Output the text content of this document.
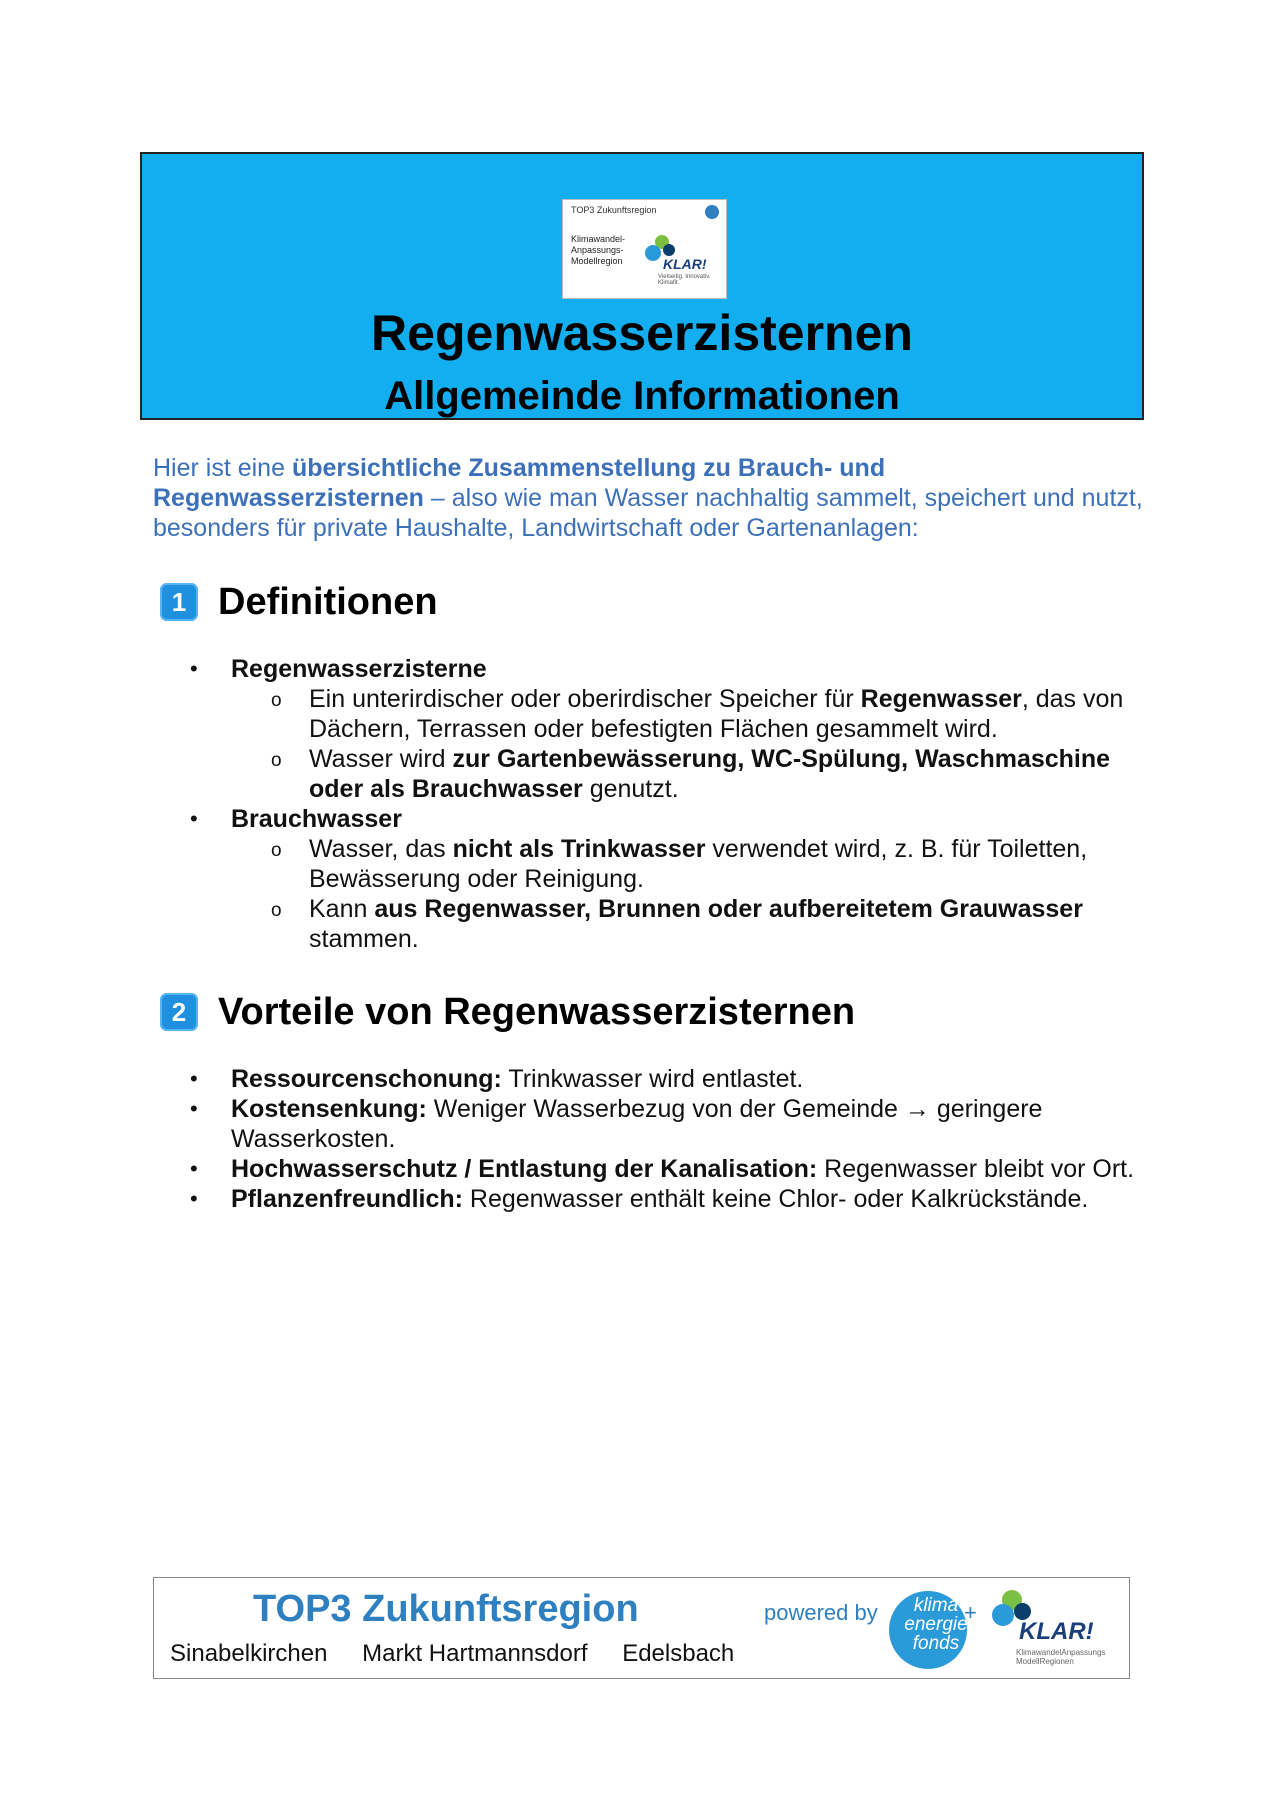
TOP3 Zukunftsregion
Klimawandel-
Anpassungs-
Modellregion	KLAR!
Vielseitig. Innovativ. Klimafit.
Regenwasserzisternen
Allgemeinde Informationen
Hier ist eine übersichtliche Zusammenstellung zu Brauch- und Regenwasserzisternen – also wie man Wasser nachhaltig sammelt, speichert und nutzt, besonders für private Haushalte, Landwirtschaft oder Gartenanlagen:
1 Definitionen
• Regenwasserzisterne
o Ein unterirdischer oder oberirdischer Speicher für Regenwasser, das von Dächern, Terrassen oder befestigten Flächen gesammelt wird.
o Wasser wird zur Gartenbewässerung, WC-Spülung, Waschmaschine oder als Brauchwasser genutzt.
• Brauchwasser
o Wasser, das nicht als Trinkwasser verwendet wird, z. B. für Toiletten, Bewässerung oder Reinigung.
o Kann aus Regenwasser, Brunnen oder aufbereitetem Grauwasser stammen.
2 Vorteile von Regenwasserzisternen
• Ressourcenschonung: Trinkwasser wird entlastet.
• Kostensenkung: Weniger Wasserbezug von der Gemeinde → geringere Wasserkosten.
• Hochwasserschutz / Entlastung der Kanalisation: Regenwasser bleibt vor Ort.
• Pflanzenfreundlich: Regenwasser enthält keine Chlor- oder Kalkrückstände.
TOP3 Zukunftsregion
Sinabelkirchen Markt Hartmannsdorf Edelsbach
powered by	klima
energie
fonds
+
KLAR!
KlimawandelAnpassungs ModellRegionen
